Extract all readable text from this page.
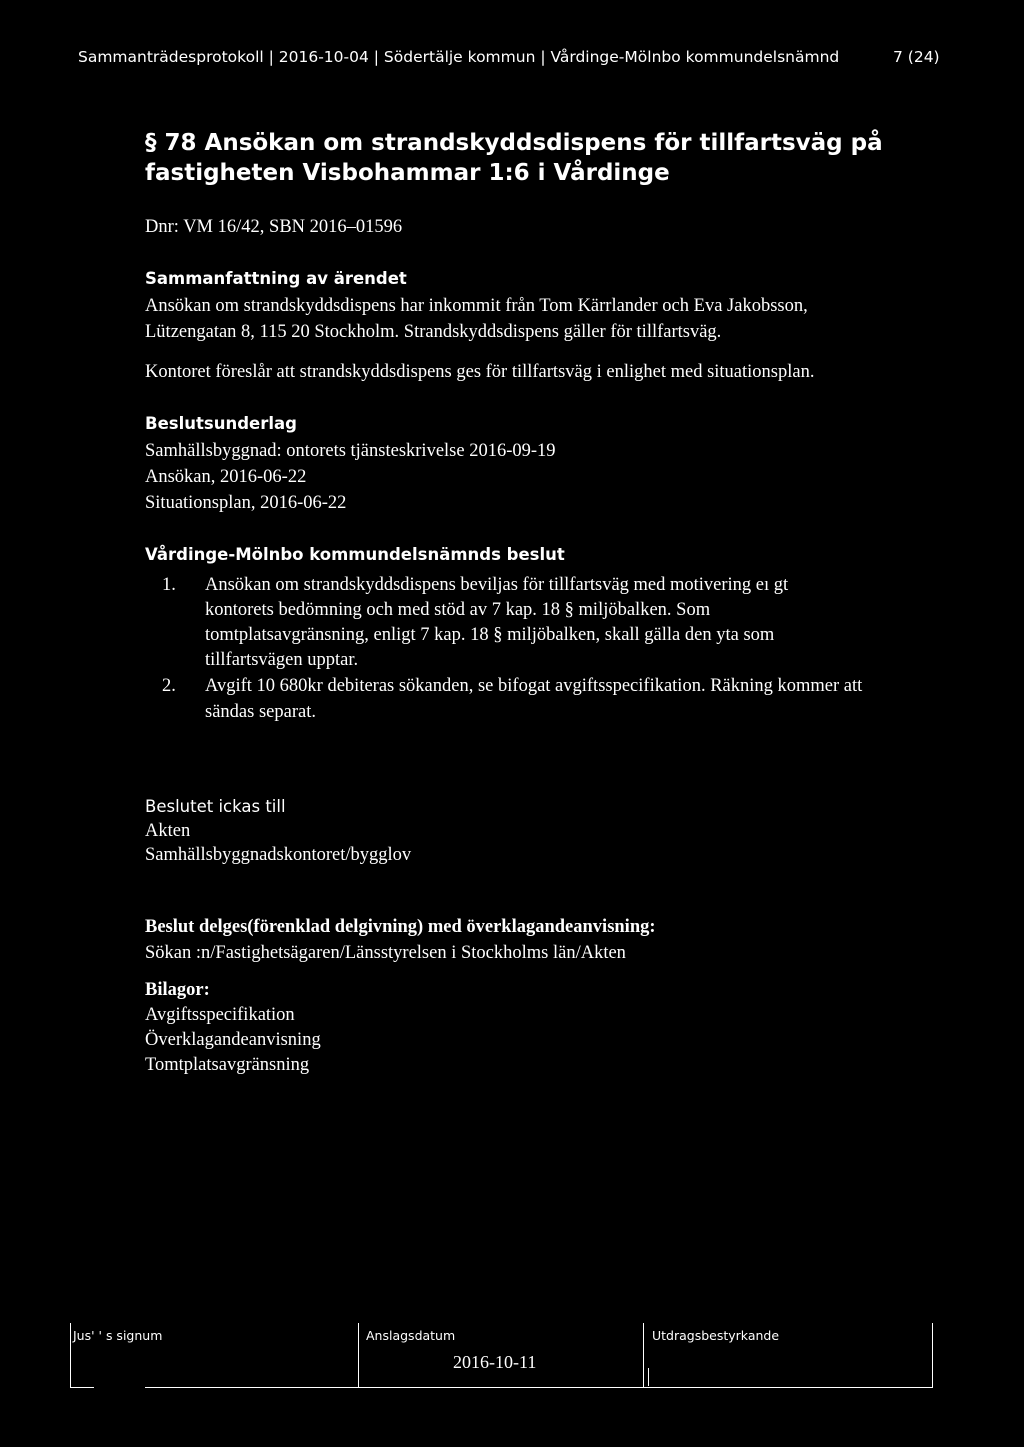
Sammanträdesprotokoll | 2016-10-04 | Södertälje kommun | Vårdinge-Mölnbo kommundelsnämnd	7 (24)
§ 78 Ansökan om strandskyddsdispens för tillfartsväg på
fastigheten Visbohammar 1:6 i Vårdinge
Dnr: VM 16/42, SBN 2016–01596
Sammanfattning av ärendet
Ansökan om strandskyddsdispens har inkommit från Tom Kärrlander och Eva Jakobsson,
Lützengatan 8, 115 20 Stockholm. Strandskyddsdispens gäller för tillfartsväg.
Kontoret föreslår att strandskyddsdispens ges för tillfartsväg i enlighet med situationsplan.
Beslutsunderlag
Samhällsbyggnad: ontorets tjänsteskrivelse 2016-09-19
Ansökan, 2016-06-22
Situationsplan, 2016-06-22
Vårdinge-Mölnbo kommundelsnämnds beslut
1. Ansökan om strandskyddsdispens beviljas för tillfartsväg med motivering eı gt
kontorets bedömning och med stöd av 7 kap. 18 § miljöbalken. Som
tomtplatsavgränsning, enligt 7 kap. 18 § miljöbalken, skall gälla den yta som
tillfartsvägen upptar.
2. Avgift 10 680kr debiteras sökanden, se bifogat avgiftsspecifikation. Räkning kommer att
sändas separat.
Beslutet ickas till
Akten
Samhällsbyggnadskontoret/bygglov
Beslut delges(förenklad delgivning) med överklagandeanvisning:
Sökan :n/Fastighetsägaren/Länsstyrelsen i Stockholms län/Akten
Bilagor:
Avgiftsspecifikation
Överklagandeanvisning
Tomtplatsavgränsning
Jus' ' s signum	Anslagsdatum
2016-10-11
Utdragsbestyrkande
